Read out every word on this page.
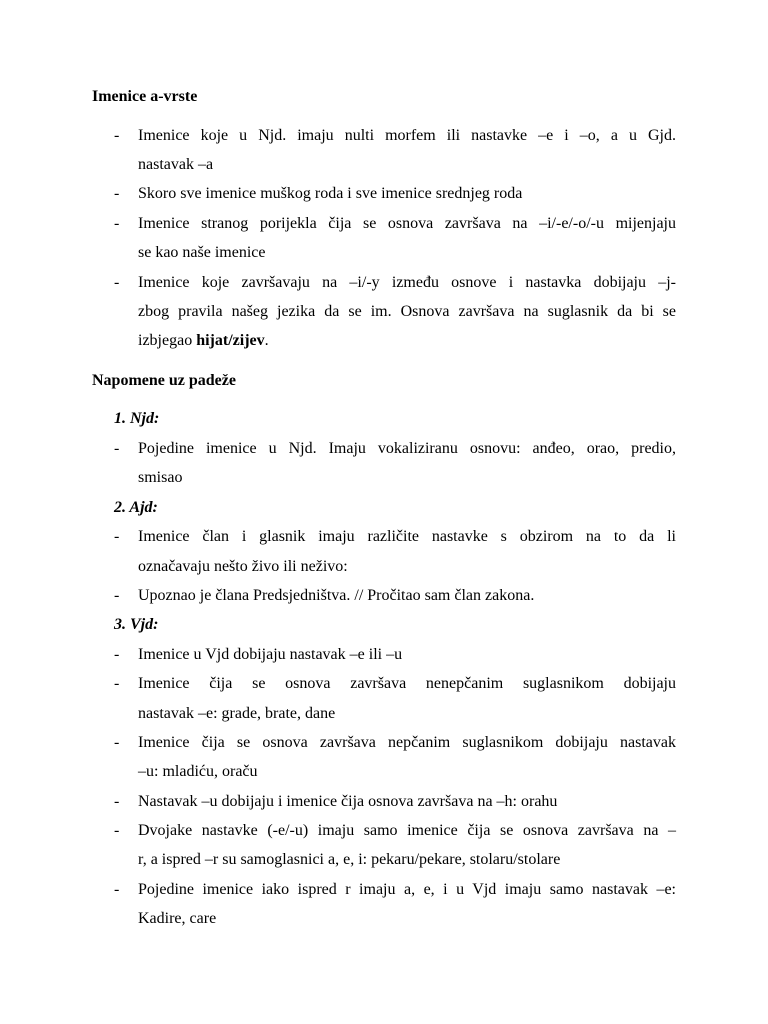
Imenice a-vrste
-	Imenice koje u Njd. imaju nulti morfem ili nastavke –e i –o, a u Gjd.
nastavak –a
-	Skoro sve imenice muškog roda i sve imenice srednjeg roda
-	Imenice stranog porijekla čija se osnova završava na –i/-e/-o/-u mijenjaju
se kao naše imenice
-	Imenice koje završavaju na –i/-y između osnove i nastavka dobijaju –j-
zbog pravila našeg jezika da se im. Osnova završava na suglasnik da bi se
izbjegao hijat/zijev.
Napomene uz padeže
1. Njd:
-	Pojedine imenice u Njd. Imaju vokaliziranu osnovu: anđeo, orao, predio,
smisao
2. Ajd:
-	Imenice član i glasnik imaju različite nastavke s obzirom na to da li
označavaju nešto živo ili neživo:
-	Upoznao je člana Predsjedništva. // Pročitao sam član zakona.
3. Vjd:
-	Imenice u Vjd dobijaju nastavak –e ili –u
-	Imenice čija se osnova završava nenepčanim suglasnikom dobijaju
nastavak –e: grade, brate, dane
-	Imenice čija se osnova završava nepčanim suglasnikom dobijaju nastavak
–u: mladiću, oraču
-	Nastavak –u dobijaju i imenice čija osnova završava na –h: orahu
-	Dvojake nastavke (-e/-u) imaju samo imenice čija se osnova završava na –
r, a ispred –r su samoglasnici a, e, i: pekaru/pekare, stolaru/stolare
-	Pojedine imenice iako ispred r imaju a, e, i u Vjd imaju samo nastavak –e:
Kadire, care
